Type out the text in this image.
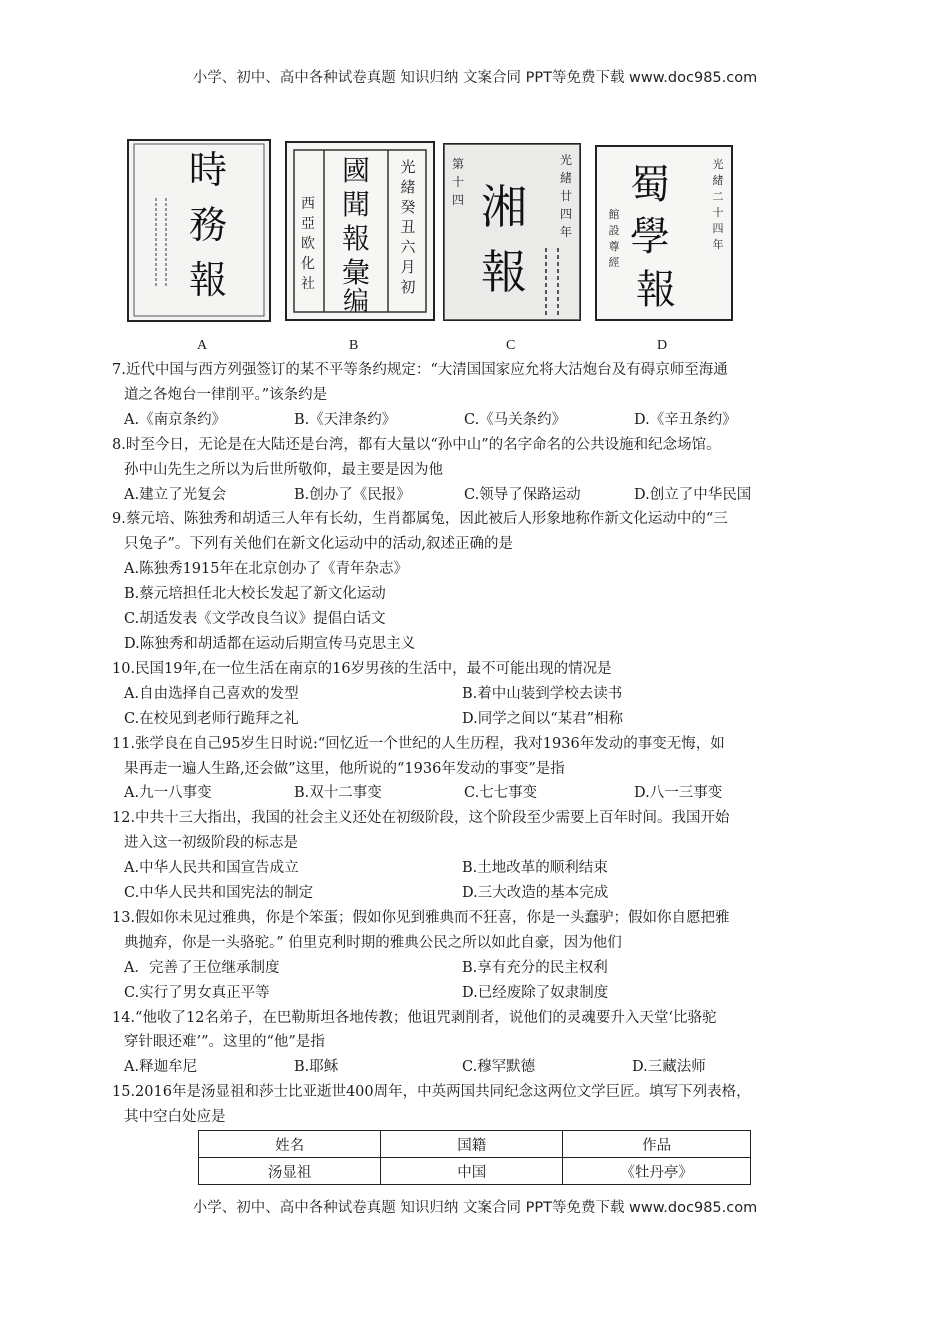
小学、初中、高中各种试卷真题 知识归纳 文案合同 PPT等免费下载 www.doc985.com
時
務
報
國
聞
報
彙
编
光
緒
癸
丑
六
月
初
西
亞
欧
化
社
湘
報
光
緒
廿
四
年
第
十
四	蜀
學
報
光
緒
二
十
四
年
館
設
尊
經
A	B	C	D
7.近代中国与西方列强签订的某不平等条约规定：“大清国国家应允将大沽炮台及有碍京师至海通
道之各炮台一律削平。”该条约是
A.《南京条约》	B.《天津条约》	C.《马关条约》	D.《辛丑条约》
8.时至今日，无论是在大陆还是台湾，都有大量以“孙中山”的名字命名的公共设施和纪念场馆。
孙中山先生之所以为后世所敬仰，最主要是因为他
A.建立了光复会	B.创办了《民报》	C.领导了保路运动	D.创立了中华民国
9.蔡元培、陈独秀和胡适三人年有长幼，生肖都属兔，因此被后人形象地称作新文化运动中的“三
只兔子”。下列有关他们在新文化运动中的活动,叙述正确的是
A.陈独秀1915年在北京创办了《青年杂志》
B.蔡元培担任北大校长发起了新文化运动
C.胡适发表《文学改良刍议》提倡白话文
D.陈独秀和胡适都在运动后期宣传马克思主义
10.民国19年,在一位生活在南京的16岁男孩的生活中，最不可能出现的情况是
A.自由选择自己喜欢的发型	B.着中山装到学校去读书
C.在校见到老师行跪拜之礼	D.同学之间以“某君”相称
11.张学良在自己95岁生日时说:“回忆近一个世纪的人生历程，我对1936年发动的事变无悔，如
果再走一遍人生路,还会做”这里，他所说的“1936年发动的事变”是指
A.九一八事变	B.双十二事变	C.七七事变	D.八一三事变
12.中共十三大指出，我国的社会主义还处在初级阶段，这个阶段至少需要上百年时间。我国开始
进入这一初级阶段的标志是
A.中华人民共和国宣告成立	B.土地改革的顺利结束
C.中华人民共和国宪法的制定	D.三大改造的基本完成
13.假如你未见过雅典，你是个笨蛋；假如你见到雅典而不狂喜，你是一头蠢驴；假如你自愿把雅
典抛弃，你是一头骆驼。” 伯里克利时期的雅典公民之所以如此自豪，因为他们
A．完善了王位继承制度	B.享有充分的民主权利
C.实行了男女真正平等	D.已经废除了奴隶制度
14.“他收了12名弟子，在巴勒斯坦各地传教；他诅咒剥削者，说他们的灵魂要升入天堂‘比骆驼
穿针眼还难’”。这里的“他”是指
A.释迦牟尼	B.耶稣	C.穆罕默德	D.三藏法师
15.2016年是汤显祖和莎士比亚逝世400周年，中英两国共同纪念这两位文学巨匠。填写下列表格，
其中空白处应是
姓名	国籍	作品
汤显祖	中国	《牡丹亭》
小学、初中、高中各种试卷真题 知识归纳 文案合同 PPT等免费下载 www.doc985.com
